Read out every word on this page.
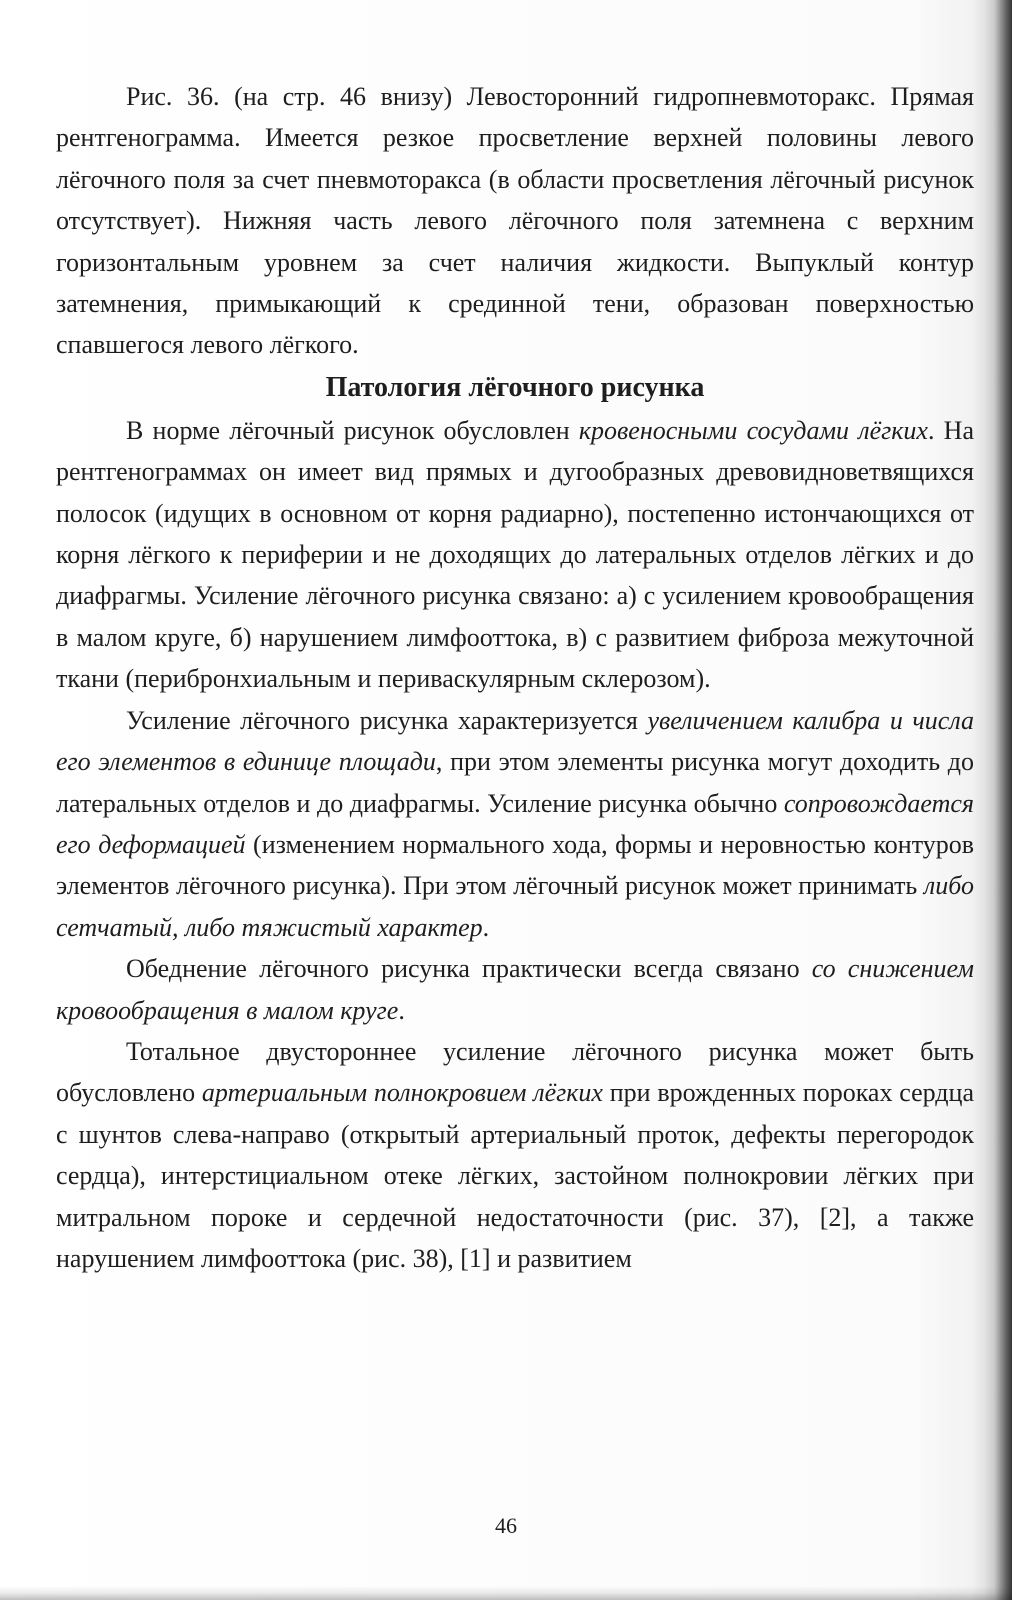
Рис. 36. (на стр. 46 внизу) Левосторонний гидропневмоторакс. Прямая рентгенограмма. Имеется резкое просветление верхней половины левого лёгочного поля за счет пневмоторакса (в области просветления лёгочный рисунок отсутствует). Нижняя часть левого лёгочного поля затемнена с верхним горизонтальным уровнем за счет наличия жидкости. Выпуклый контур затемнения, примыкающий к срединной тени, образован поверхностью спавшегося левого лёгкого.

Патология лёгочного рисунка

В норме лёгочный рисунок обусловлен кровеносными сосудами лёгких. На рентгенограммах он имеет вид прямых и дугообразных древовидноветвящихся полосок (идущих в основном от корня радиарно), постепенно истончающихся от корня лёгкого к периферии и не доходящих до латеральных отделов лёгких и до диафрагмы. Усиление лёгочного рисунка связано: а) с усилением кровообращения в малом круге, б) нарушением лимфооттока, в) с развитием фиброза межуточной ткани (перибронхиальным и периваскулярным склерозом).

Усиление лёгочного рисунка характеризуется увеличением калибра и числа его элементов в единице площади, при этом элементы рисунка могут доходить до латеральных отделов и до диафрагмы. Усиление рисунка обычно сопровождается его деформацией (изменением нормального хода, формы и неровностью контуров элементов лёгочного рисунка). При этом лёгочный рисунок может принимать либо сетчатый, либо тяжистый характер.

Обеднение лёгочного рисунка практически всегда связано со снижением кровообращения в малом круге.

Тотальное двустороннее усиление лёгочного рисунка может быть обусловлено артериальным полнокровием лёгких при врожденных пороках сердца с шунтов слева-направо (открытый артериальный проток, дефекты перегородок сердца), интерстициальном отеке лёгких, застойном полнокровии лёгких при митральном пороке и сердечной недостаточности (рис. 37), [2], а также нарушением лимфооттока (рис. 38), [1] и развитием

46
